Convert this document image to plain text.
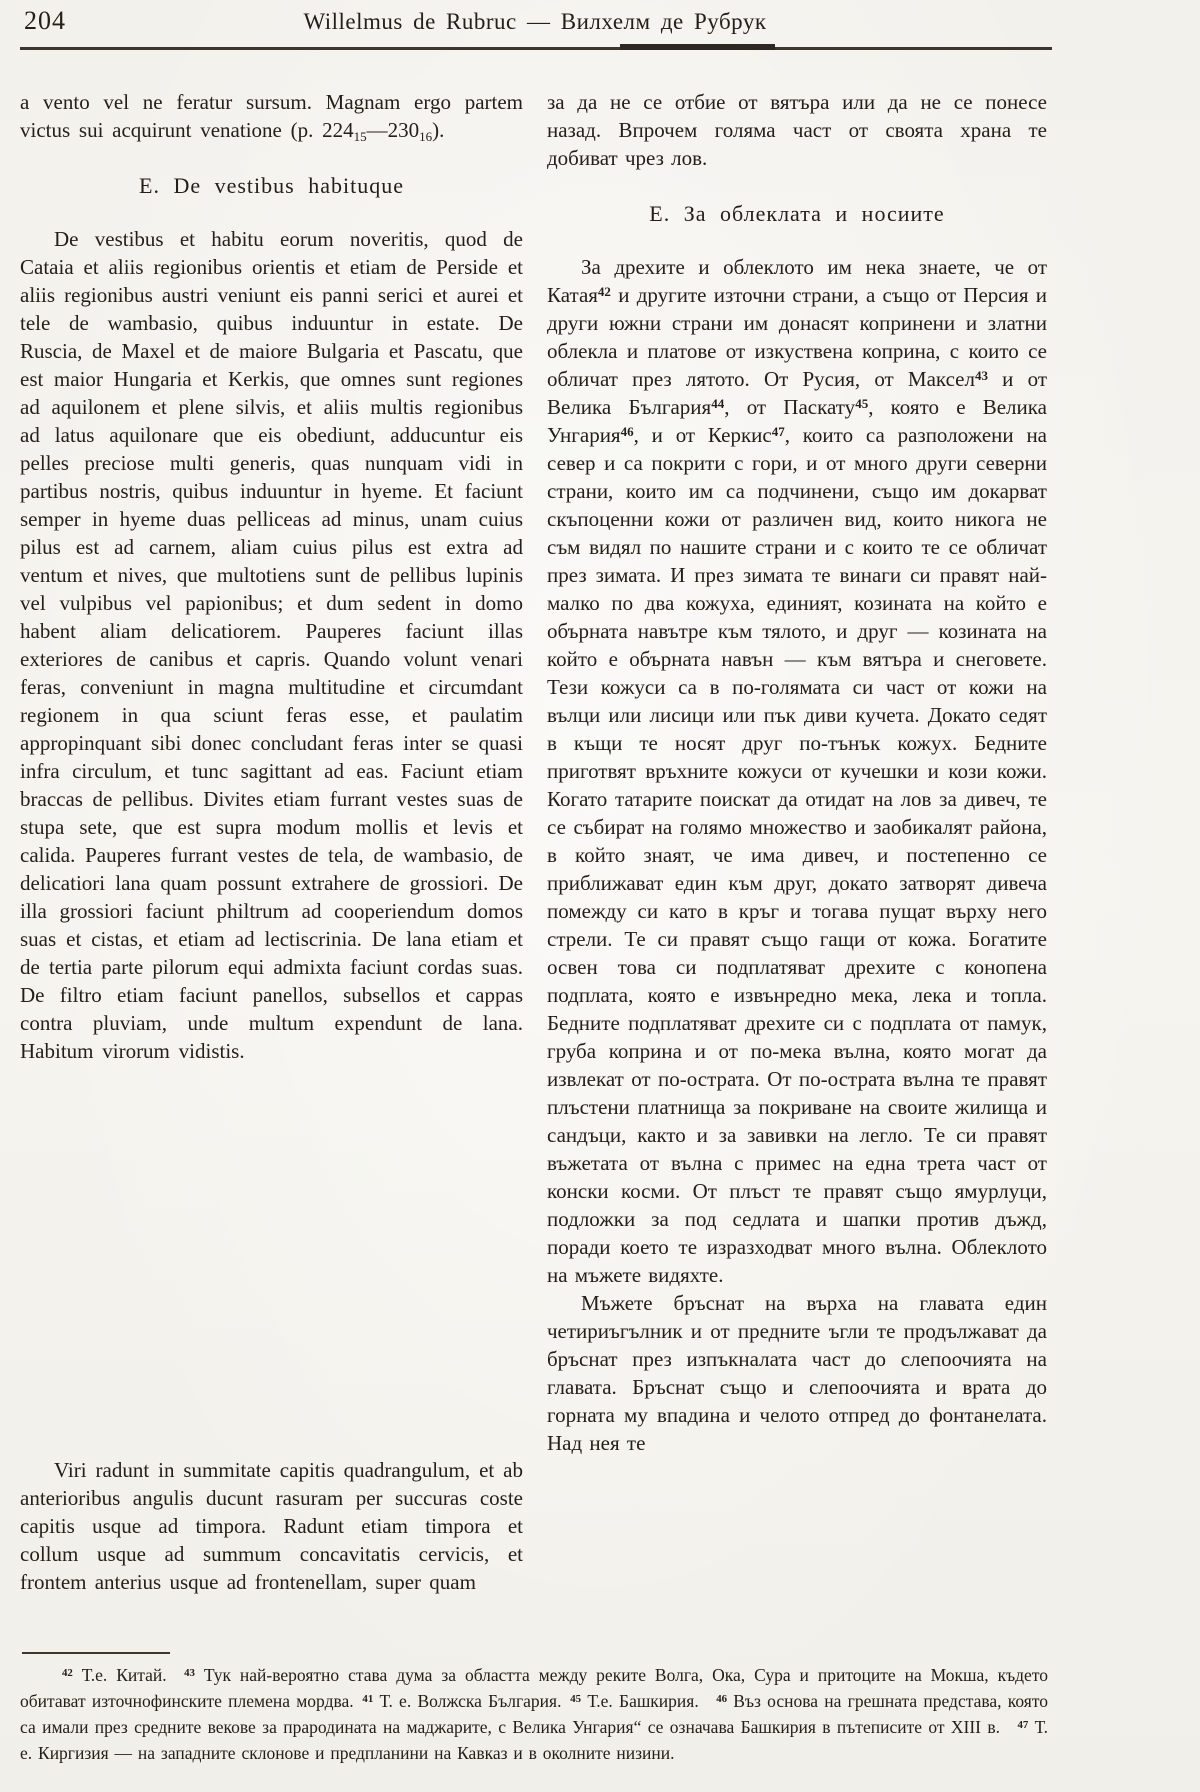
204	Willelmus de Rubruc — Вилхелм де Рубрук

a vento vel ne feratur sursum. Magnam ergo partem victus sui acquirunt venatione (p. $224_{15}—230_{16}$).

E. De vestibus habituque

De vestibus et habitu eorum noveritis, quod de Cataia et aliis regionibus orientis et etiam de Perside et aliis regionibus austri veniunt eis panni serici et aurei et tele de wambasio, quibus induuntur in estate. De Ruscia, de Maxel et de maiore Bulgaria et Pascatu, que est maior Hungaria et Kerkis, que omnes sunt regiones ad aquilonem et plene silvis, et aliis multis regionibus ad latus aquilonare que eis obediunt, adducuntur eis pelles preciose multi generis, quas nunquam vidi in partibus nostris, quibus induuntur in hyeme. Et faciunt semper in hyeme duas pelliceas ad minus, unam cuius pilus est ad carnem, aliam cuius pilus est extra ad ventum et nives, que multotiens sunt de pellibus lupinis vel vulpibus vel papionibus; et dum sedent in domo habent aliam delicatiorem. Pauperes faciunt illas exteriores de canibus et capris. Quando volunt venari feras, conveniunt in magna multitudine et circumdant regionem in qua sciunt feras esse, et paulatim appropinquant sibi donec concludant feras inter se quasi infra circulum, et tunc sagittant ad eas. Faciunt etiam braccas de pellibus. Divites etiam furrant vestes suas de stupa sete, que est supra modum mollis et levis et calida. Pauperes furrant vestes de tela, de wambasio, de delicatiori lana quam possunt extrahere de grossiori. De illa grossiori faciunt philtrum ad cooperiendum domos suas et cistas, et etiam ad lectiscrinia. De lana etiam et de tertia parte pilorum equi admixta faciunt cordas suas. De filtro etiam faciunt panellos, subsellos et cappas contra pluviam, unde multum expendunt de lana. Habitum virorum vidistis.

Viri radunt in summitate capitis quadrangulum, et ab anterioribus angulis ducunt rasuram per succuras coste capitis usque ad timpora. Radunt etiam timpora et collum usque ad summum concavitatis cervicis, et frontem anterius usque ad frontenellam, super quam

за да не се отбие от вятъра или да не се понесе назад. Впрочем голяма част от своята храна те добиват чрез лов.

Е. За облеклата и носиите

За дрехите и облеклото им нека знаете, че от Катая$^{42}$ и другите източни страни, а също от Персия и други южни страни им донасят копринени и златни облекла и платове от изкуствена коприна, с които се обличат през лятото. От Русия, от Максел$^{43}$ и от Велика България$^{44}$, от Паскату$^{45}$, която е Велика Унгария$^{46}$, и от Керкис$^{47}$, които са разположени на север и са покрити с гори, и от много други северни страни, които им са подчинени, също им докарват скъпоценни кожи от различен вид, които никога не съм видял по нашите страни и с които те се обличат през зимата. И през зимата те винаги си правят най-малко по два кожуха, единият, козината на който е обърната навътре към тялото, и друг — козината на който е обърната навън — към вятъра и снеговете. Тези кожуси са в по-голямата си част от кожи на вълци или лисици или пък диви кучета. Докато седят в къщи те носят друг по-тънък кожух. Бедните приготвят връхните кожуси от кучешки и кози кожи. Когато татарите поискат да отидат на лов за дивеч, те се събират на голямо множество и заобикалят района, в който знаят, че има дивеч, и постепенно се приближават един към друг, докато затворят дивеча помежду си като в кръг и тогава пущат върху него стрели. Те си правят също гащи от кожа. Богатите освен това си подплатяват дрехите с конопена подплата, която е извънредно мека, лека и топла. Бедните подплатяват дрехите си с подплата от памук, груба коприна и от по-мека вълна, която могат да извлекат от по-острата. От по-острата вълна те правят плъстени платнища за покриване на своите жилища и сандъци, както и за завивки на легло. Те си правят въжетата от вълна с примес на една трета част от конски косми. От плъст те правят също ямурлуци, подложки за под седлата и шапки против дъжд, поради което те изразходват много вълна. Облеклото на мъжете видяхте.

Мъжете бръснат на върха на главата един четириъгълник и от предните ъгли те продължават да бръснат през изпъкналата част до слепоочията на главата. Бръснат също и слепоочията и врата до горната му впадина и челото отпред до фонтанелата. Над нея те

$^{42}$ Т.е. Китай. $^{43}$ Тук най-вероятно става дума за областта между реките Волга, Ока, Сура и притоците на Мокша, където обитават източнофинските племена мордва. $^{41}$ Т. е. Волжска България. $^{45}$ Т.е. Башкирия. $^{46}$ Въз основа на грешната представа, която са имали през средните векове за прародината на маджарите, с Велика Унгария“ се означава Башкирия в пътеписите от XIII в. $^{47}$ Т. е. Киргизия — на западните склонове и предпланини на Кавказ и в околните низини.
